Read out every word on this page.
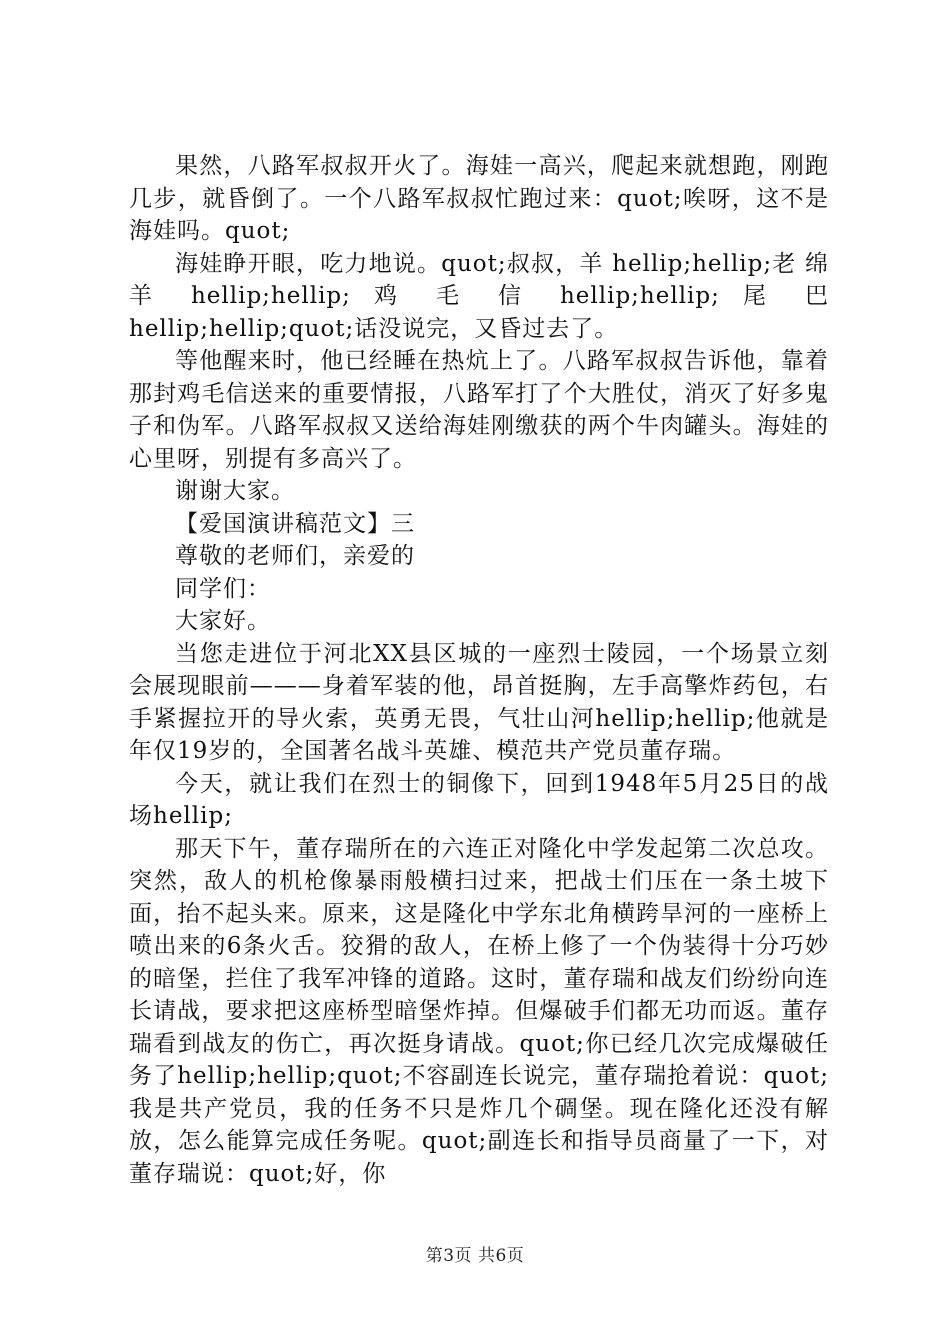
果然，八路军叔叔开火了。海娃一高兴，爬起来就想跑，刚跑几步，就昏倒了。一个八路军叔叔忙跑过来：quot;唉呀，这不是海娃吗。quot;

海娃睁开眼，吃力地说。quot;叔叔，羊 hellip;hellip;老 绵 羊 hellip;hellip; 鸡 毛 信 hellip;hellip; 尾 巴 hellip;hellip;quot;话没说完，又昏过去了。

等他醒来时，他已经睡在热炕上了。八路军叔叔告诉他，靠着那封鸡毛信送来的重要情报，八路军打了个大胜仗，消灭了好多鬼子和伪军。八路军叔叔又送给海娃刚缴获的两个牛肉罐头。海娃的心里呀，别提有多高兴了。

谢谢大家。

【爱国演讲稿范文】三

尊敬的老师们，亲爱的

同学们：

大家好。

当您走进位于河北XX县区城的一座烈士陵园，一个场景立刻会展现眼前———身着军装的他，昂首挺胸，左手高擎炸药包，右手紧握拉开的导火索，英勇无畏，气壮山河hellip;hellip;他就是年仅19岁的，全国著名战斗英雄、模范共产党员董存瑞。

今天，就让我们在烈士的铜像下，回到1948年5月25日的战场hellip;

那天下午，董存瑞所在的六连正对隆化中学发起第二次总攻。突然，敌人的机枪像暴雨般横扫过来，把战士们压在一条土坡下面，抬不起头来。原来，这是隆化中学东北角横跨旱河的一座桥上喷出来的6条火舌。狡猾的敌人，在桥上修了一个伪装得十分巧妙的暗堡，拦住了我军冲锋的道路。这时，董存瑞和战友们纷纷向连长请战，要求把这座桥型暗堡炸掉。但爆破手们都无功而返。董存瑞看到战友的伤亡，再次挺身请战。quot;你已经几次完成爆破任务了hellip;hellip;quot;不容副连长说完，董存瑞抢着说：quot;我是共产党员，我的任务不只是炸几个碉堡。现在隆化还没有解放，怎么能算完成任务呢。quot;副连长和指导员商量了一下，对董存瑞说：quot;好，你

第3页 共6页
